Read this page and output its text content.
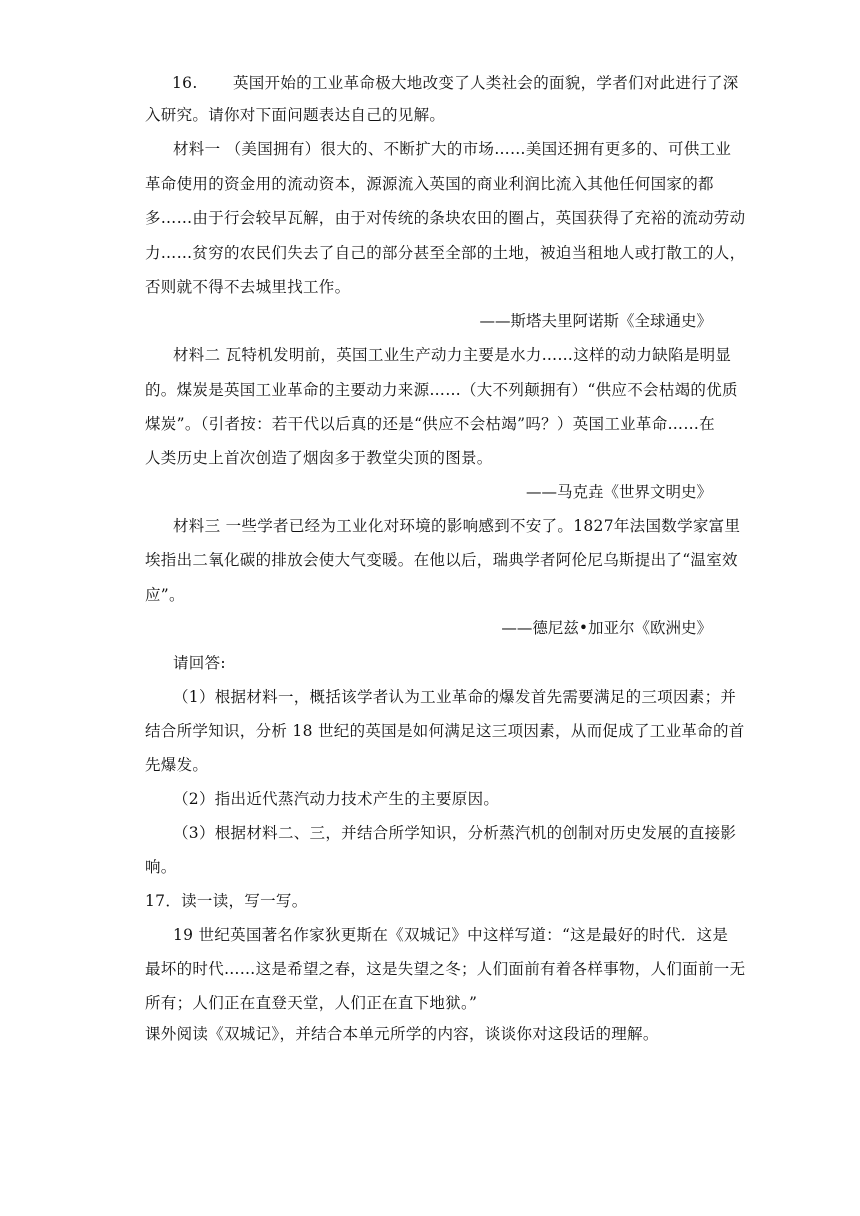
16. 英国开始的工业革命极大地改变了人类社会的面貌，学者们对此进行了深
入研究。请你对下面问题表达自己的见解。
材料一 （美国拥有）很大的、不断扩大的市场……美国还拥有更多的、可供工业
革命使用的资金用的流动资本，源源流入英国的商业利润比流入其他任何国家的都
多……由于行会较早瓦解，由于对传统的条块农田的圈占，英国获得了充裕的流动劳动
力……贫穷的农民们失去了自己的部分甚至全部的土地，被迫当租地人或打散工的人，
否则就不得不去城里找工作。
——斯塔夫里阿诺斯《全球通史》
材料二 瓦特机发明前，英国工业生产动力主要是水力……这样的动力缺陷是明显
的。煤炭是英国工业革命的主要动力来源……（大不列颠拥有）“供应不会枯竭的优质
煤炭”。（引者按：若干代以后真的还是“供应不会枯竭”吗？）英国工业革命……在
人类历史上首次创造了烟囱多于教堂尖顶的图景。
——马克垚《世界文明史》
材料三 一些学者已经为工业化对环境的影响感到不安了。1827年法国数学家富里
埃指出二氧化碳的排放会使大气变暖。在他以后，瑞典学者阿伦尼乌斯提出了“温室效
应”。
——德尼兹•加亚尔《欧洲史》
请回答:
（1）根据材料一，概括该学者认为工业革命的爆发首先需要满足的三项因素；并
结合所学知识，分析 18 世纪的英国是如何满足这三项因素，从而促成了工业革命的首
先爆发。
（2）指出近代蒸汽动力技术产生的主要原因。
（3）根据材料二、三，并结合所学知识，分析蒸汽机的创制对历史发展的直接影
响。
17．读一读，写一写。
19 世纪英国著名作家狄更斯在《双城记》中这样写道：“这是最好的时代．这是
最坏的时代……这是希望之春，这是失望之冬；人们面前有着各样事物，人们面前一无
所有；人们正在直登天堂，人们正在直下地狱。”
课外阅读《双城记》，并结合本单元所学的内容，谈谈你对这段话的理解。
